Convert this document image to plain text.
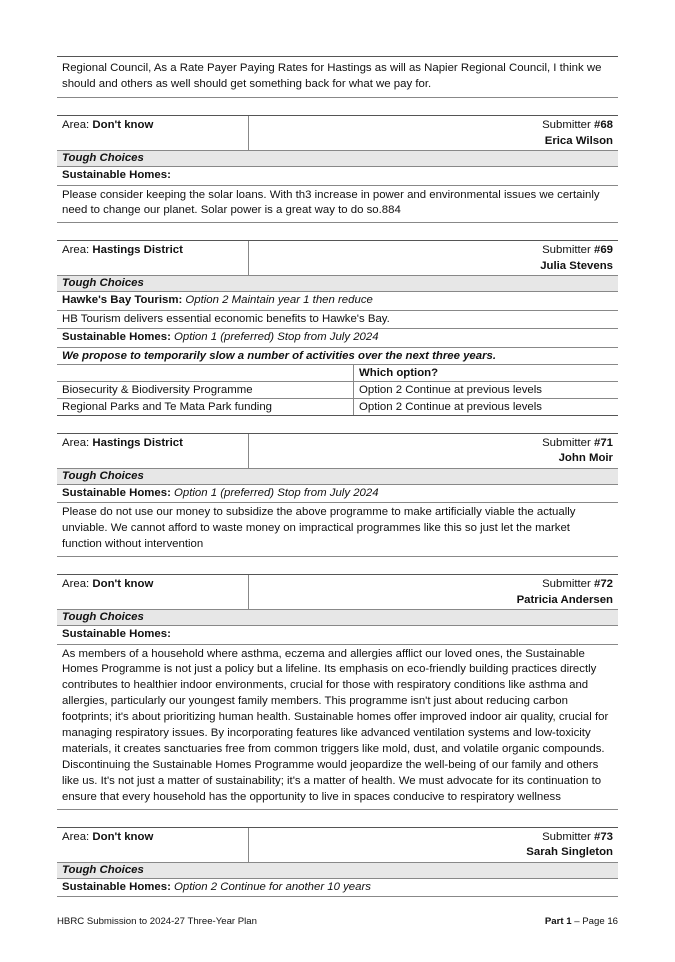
Regional Council, As a Rate Payer Paying Rates for Hastings as will as Napier Regional Council, I think we should and others as well should get something back for what we pay for.
Area: Don't know	Submitter #68
Erica Wilson
Tough Choices
Sustainable Homes:
Please consider keeping the solar loans. With th3 increase in power and environmental issues we certainly need to change our planet. Solar power is a great way to do so.884
Area: Hastings District	Submitter #69
Julia Stevens
Tough Choices
Hawke's Bay Tourism: Option 2 Maintain year 1 then reduce
HB Tourism delivers essential economic benefits to Hawke's Bay.
Sustainable Homes: Option 1 (preferred) Stop from July 2024
We propose to temporarily slow a number of activities over the next three years.
Which option?
Biosecurity & Biodiversity Programme	Option 2 Continue at previous levels
Regional Parks and Te Mata Park funding	Option 2 Continue at previous levels
Area: Hastings District	Submitter #71
John Moir
Tough Choices
Sustainable Homes: Option 1 (preferred) Stop from July 2024
Please do not use our money to subsidize the above programme to make artificially viable the actually unviable. We cannot afford to waste money on impractical programmes like this so just let the market function without intervention
Area: Don't know	Submitter #72
Patricia Andersen
Tough Choices
Sustainable Homes:
As members of a household where asthma, eczema and allergies afflict our loved ones, the Sustainable Homes Programme is not just a policy but a lifeline. Its emphasis on eco-friendly building practices directly contributes to healthier indoor environments, crucial for those with respiratory conditions like asthma and allergies, particularly our youngest family members. This programme isn't just about reducing carbon footprints; it's about prioritizing human health. Sustainable homes offer improved indoor air quality, crucial for managing respiratory issues. By incorporating features like advanced ventilation systems and low-toxicity materials, it creates sanctuaries free from common triggers like mold, dust, and volatile organic compounds. Discontinuing the Sustainable Homes Programme would jeopardize the well-being of our family and others like us. It's not just a matter of sustainability; it's a matter of health. We must advocate for its continuation to ensure that every household has the opportunity to live in spaces conducive to respiratory wellness
Area: Don't know	Submitter #73
Sarah Singleton
Tough Choices
Sustainable Homes: Option 2 Continue for another 10 years
HBRC Submission to 2024-27 Three-Year Plan	Part 1 – Page 16
